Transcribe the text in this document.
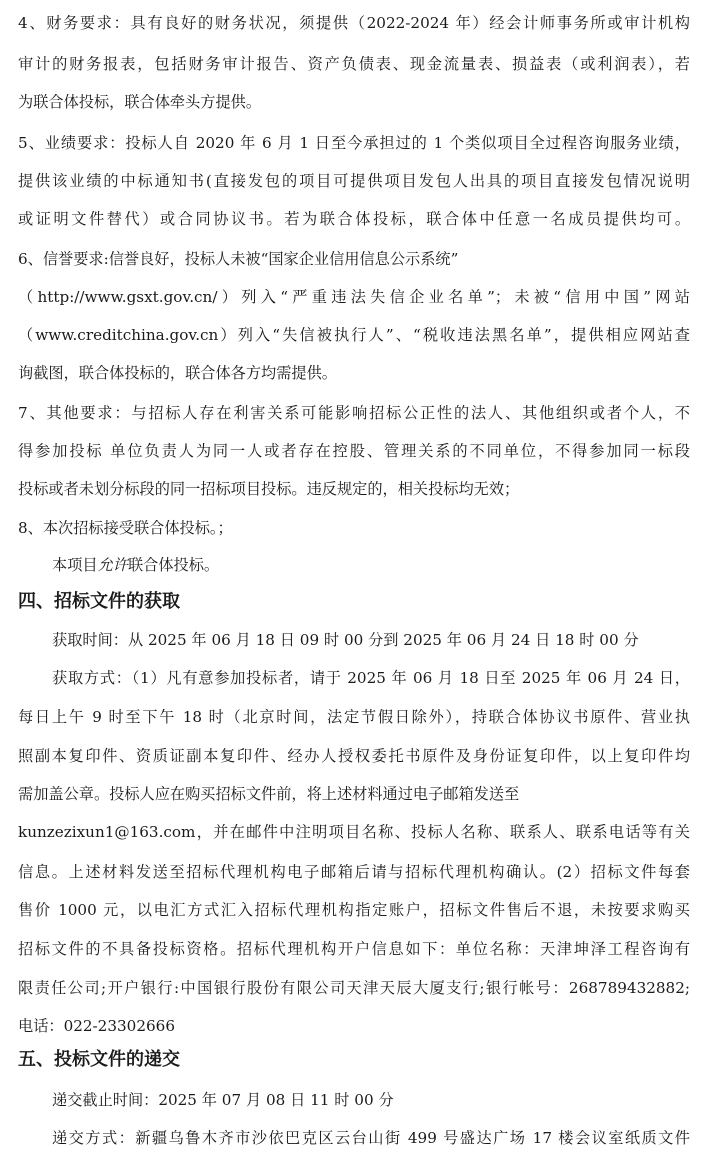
4、财务要求：具有良好的财务状况，须提供（2022-2024 年）经会计师事务所或审计机构
审计的财务报表，包括财务审计报告、资产负债表、现金流量表、损益表（或利润表），若
为联合体投标，联合体牵头方提供。
5、业绩要求：投标人自 2020 年 6 月 1 日至今承担过的 1 个类似项目全过程咨询服务业绩，
提供该业绩的中标通知书(直接发包的项目可提供项目发包人出具的项目直接发包情况说明
或证明文件替代）或合同协议书。若为联合体投标，联合体中任意一名成员提供均可。
6、信誉要求:信誉良好，投标人未被“国家企业信用信息公示系统”
（http://www.gsxt.gov.cn/）列入“严重违法失信企业名单”；未被“信用中国”网站
（www.creditchina.gov.cn）列入“失信被执行人”、“税收违法黑名单”，提供相应网站查
询截图，联合体投标的，联合体各方均需提供。
7、其他要求：与招标人存在利害关系可能影响招标公正性的法人、其他组织或者个人，不
得参加投标 单位负责人为同一人或者存在控股、管理关系的不同单位，不得参加同一标段
投标或者未划分标段的同一招标项目投标。违反规定的，相关投标均无效；
8、本次招标接受联合体投标。；
本项目允许联合体投标。
四、招标文件的获取
获取时间：从 2025 年 06 月 18 日 09 时 00 分到 2025 年 06 月 24 日 18 时 00 分
获取方式：（1）凡有意参加投标者，请于 2025 年 06 月 18 日至 2025 年 06 月 24 日，
每日上午 9 时至下午 18 时（北京时间，法定节假日除外），持联合体协议书原件、营业执
照副本复印件、资质证副本复印件、经办人授权委托书原件及身份证复印件，以上复印件均
需加盖公章。投标人应在购买招标文件前，将上述材料通过电子邮箱发送至
kunzezixun1@163.com，并在邮件中注明项目名称、投标人名称、联系人、联系电话等有关
信息。上述材料发送至招标代理机构电子邮箱后请与招标代理机构确认。(2）招标文件每套
售价 1000 元，以电汇方式汇入招标代理机构指定账户，招标文件售后不退，未按要求购买
招标文件的不具备投标资格。招标代理机构开户信息如下：单位名称：天津坤泽工程咨询有
限责任公司;开户银行:中国银行股份有限公司天津天辰大厦支行;银行帐号：268789432882;
电话：022-23302666
五、投标文件的递交
递交截止时间：2025 年 07 月 08 日 11 时 00 分
递交方式：新疆乌鲁木齐市沙依巴克区云台山街 499 号盛达广场 17 楼会议室纸质文件
